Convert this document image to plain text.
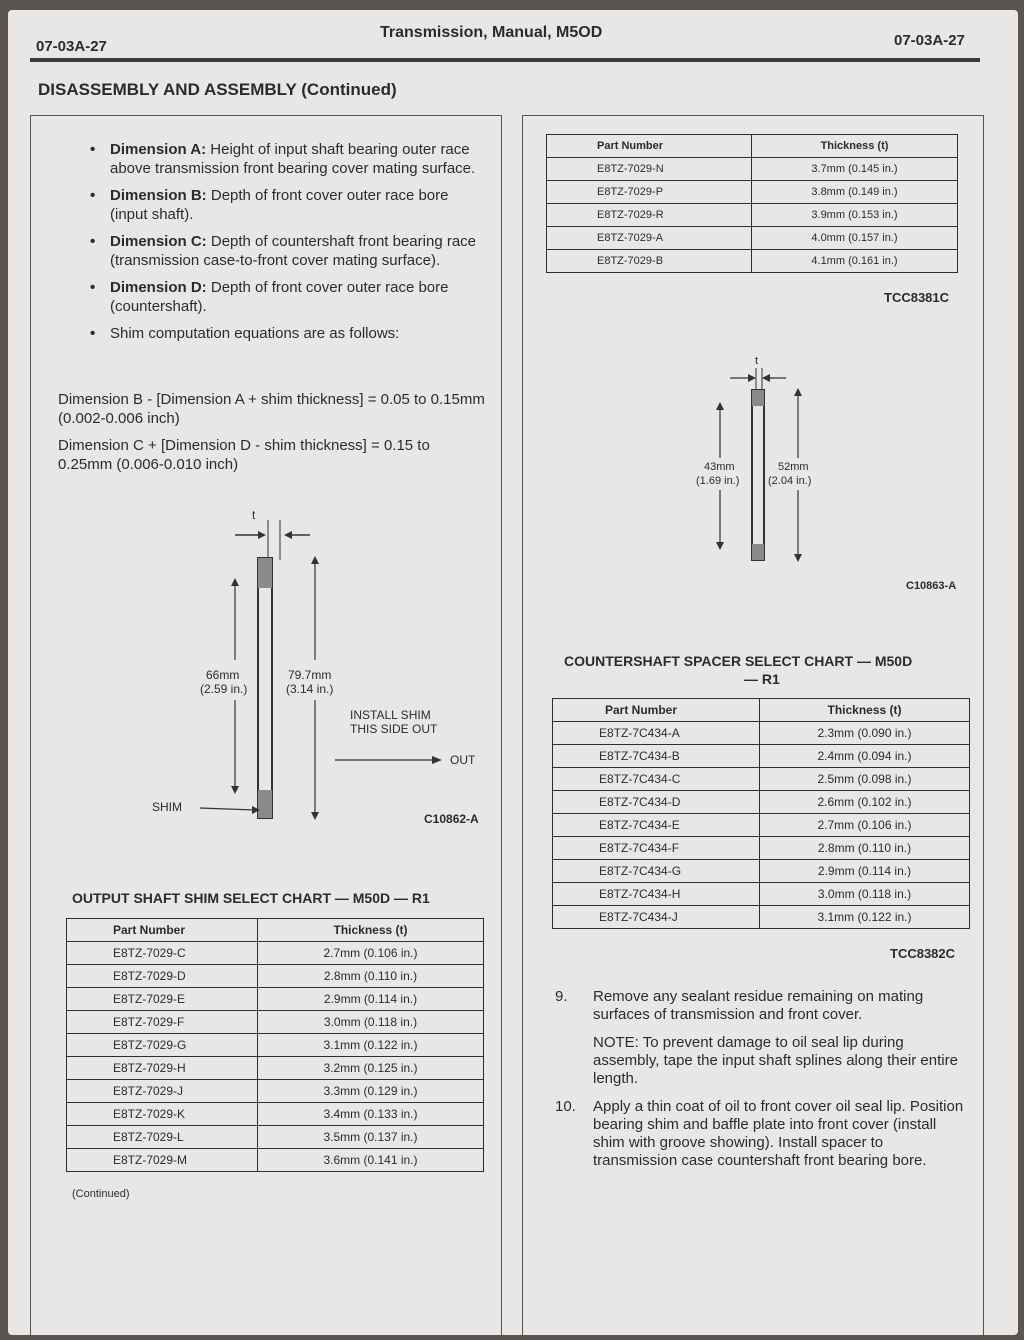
07-03A-27
Transmission, Manual, M5OD	07-03A-27
DISASSEMBLY AND ASSEMBLY (Continued)
• Dimension A: Height of input shaft bearing outer race above transmission front bearing cover mating surface.
• Dimension B: Depth of front cover outer race bore (input shaft).
• Dimension C: Depth of countershaft front bearing race (transmission case-to-front cover mating surface).
• Dimension D: Depth of front cover outer race bore (countershaft).
• Shim computation equations are as follows:
Dimension B - [Dimension A + shim thickness] = 0.05 to 0.15mm (0.002-0.006 inch)
Dimension C + [Dimension D - shim thickness] = 0.15 to 0.25mm (0.006-0.010 inch)
t
66mm
(2.59 in.)
79.7mm
(3.14 in.)
INSTALL SHIM
THIS SIDE OUT
OUT
SHIM
C10862-A
OUTPUT SHAFT SHIM SELECT CHART — M50D — R1
Part Number	Thickness (t)
E8TZ-7029-C	2.7mm (0.106 in.)
E8TZ-7029-D	2.8mm (0.110 in.)
E8TZ-7029-E	2.9mm (0.114 in.)
E8TZ-7029-F	3.0mm (0.118 in.)
E8TZ-7029-G	3.1mm (0.122 in.)
E8TZ-7029-H	3.2mm (0.125 in.)
E8TZ-7029-J	3.3mm (0.129 in.)
E8TZ-7029-K	3.4mm (0.133 in.)
E8TZ-7029-L	3.5mm (0.137 in.)
E8TZ-7029-M	3.6mm (0.141 in.)
(Continued)
Part Number	Thickness (t)
E8TZ-7029-N	3.7mm (0.145 in.)
E8TZ-7029-P	3.8mm (0.149 in.)
E8TZ-7029-R	3.9mm (0.153 in.)
E8TZ-7029-A	4.0mm (0.157 in.)
E8TZ-7029-B	4.1mm (0.161 in.)
TCC8381C
t
43mm
(1.69 in.)
52mm
(2.04 in.)
C10863-A
COUNTERSHAFT SPACER SELECT CHART — M50D
— R1
Part Number	Thickness (t)
E8TZ-7C434-A	2.3mm (0.090 in.)
E8TZ-7C434-B	2.4mm (0.094 in.)
E8TZ-7C434-C	2.5mm (0.098 in.)
E8TZ-7C434-D	2.6mm (0.102 in.)
E8TZ-7C434-E	2.7mm (0.106 in.)
E8TZ-7C434-F	2.8mm (0.110 in.)
E8TZ-7C434-G	2.9mm (0.114 in.)
E8TZ-7C434-H	3.0mm (0.118 in.)
E8TZ-7C434-J	3.1mm (0.122 in.)
TCC8382C
9. Remove any sealant residue remaining on mating surfaces of transmission and front cover.
NOTE: To prevent damage to oil seal lip during assembly, tape the input shaft splines along their entire length.
10. Apply a thin coat of oil to front cover oil seal lip. Position bearing shim and baffle plate into front cover (install shim with groove showing). Install spacer to transmission case countershaft front bearing bore.
